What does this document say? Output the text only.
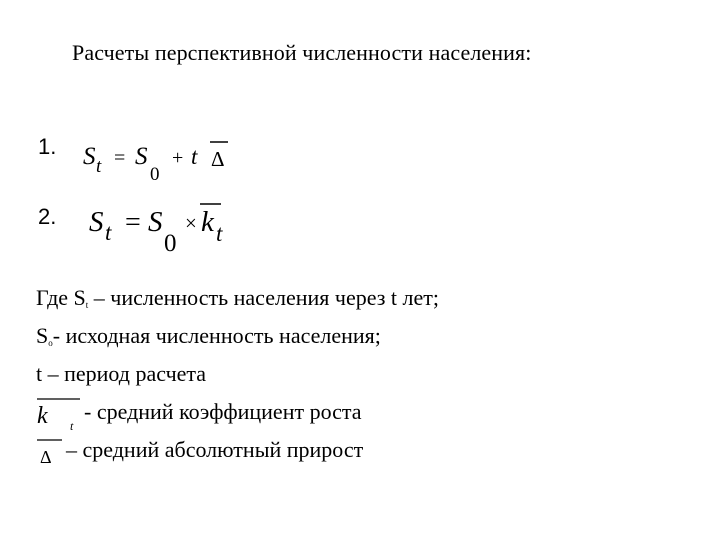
Расчеты перспективной численности населения:
1. S t = S
0
+ t Δ
2. S t = S
0
× k t
Где St – численность населения через t лет;
So- исходная численность населения;
t – период расчета
k t
- средний коэффициент роста
Δ – средний абсолютный прирост
